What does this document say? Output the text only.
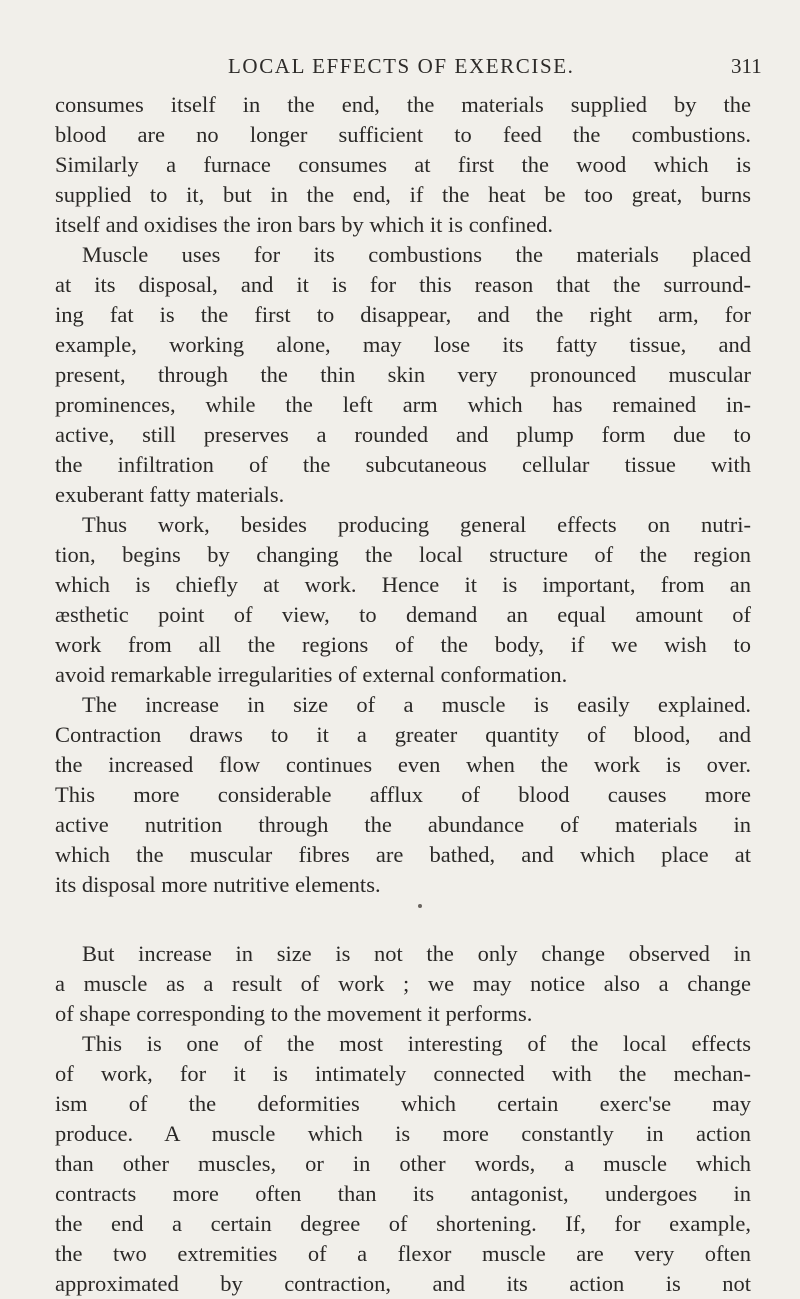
LOCAL EFFECTS OF EXERCISE.	311
consumes itself in the end, the materials supplied by the
blood are no longer sufficient to feed the combustions.
Similarly a furnace consumes at first the wood which is
supplied to it, but in the end, if the heat be too great, burns
itself and oxidises the iron bars by which it is confined.
Muscle uses for its combustions the materials placed
at its disposal, and it is for this reason that the surround-
ing fat is the first to disappear, and the right arm, for
example, working alone, may lose its fatty tissue, and
present, through the thin skin very pronounced muscular
prominences, while the left arm which has remained in-
active, still preserves a rounded and plump form due to
the infiltration of the subcutaneous cellular tissue with
exuberant fatty materials.
Thus work, besides producing general effects on nutri-
tion, begins by changing the local structure of the region
which is chiefly at work. Hence it is important, from an
æsthetic point of view, to demand an equal amount of
work from all the regions of the body, if we wish to
avoid remarkable irregularities of external conformation.
The increase in size of a muscle is easily explained.
Contraction draws to it a greater quantity of blood, and
the increased flow continues even when the work is over.
This more considerable afflux of blood causes more
active nutrition through the abundance of materials in
which the muscular fibres are bathed, and which place at
its disposal more nutritive elements.
But increase in size is not the only change observed in
a muscle as a result of work ; we may notice also a change
of shape corresponding to the movement it performs.
This is one of the most interesting of the local effects
of work, for it is intimately connected with the mechan-
ism of the deformities which certain exerc'se may
produce. A muscle which is more constantly in action
than other muscles, or in other words, a muscle which
contracts more often than its antagonist, undergoes in
the end a certain degree of shortening. If, for example,
the two extremities of a flexor muscle are very often
approximated by contraction, and its action is not
